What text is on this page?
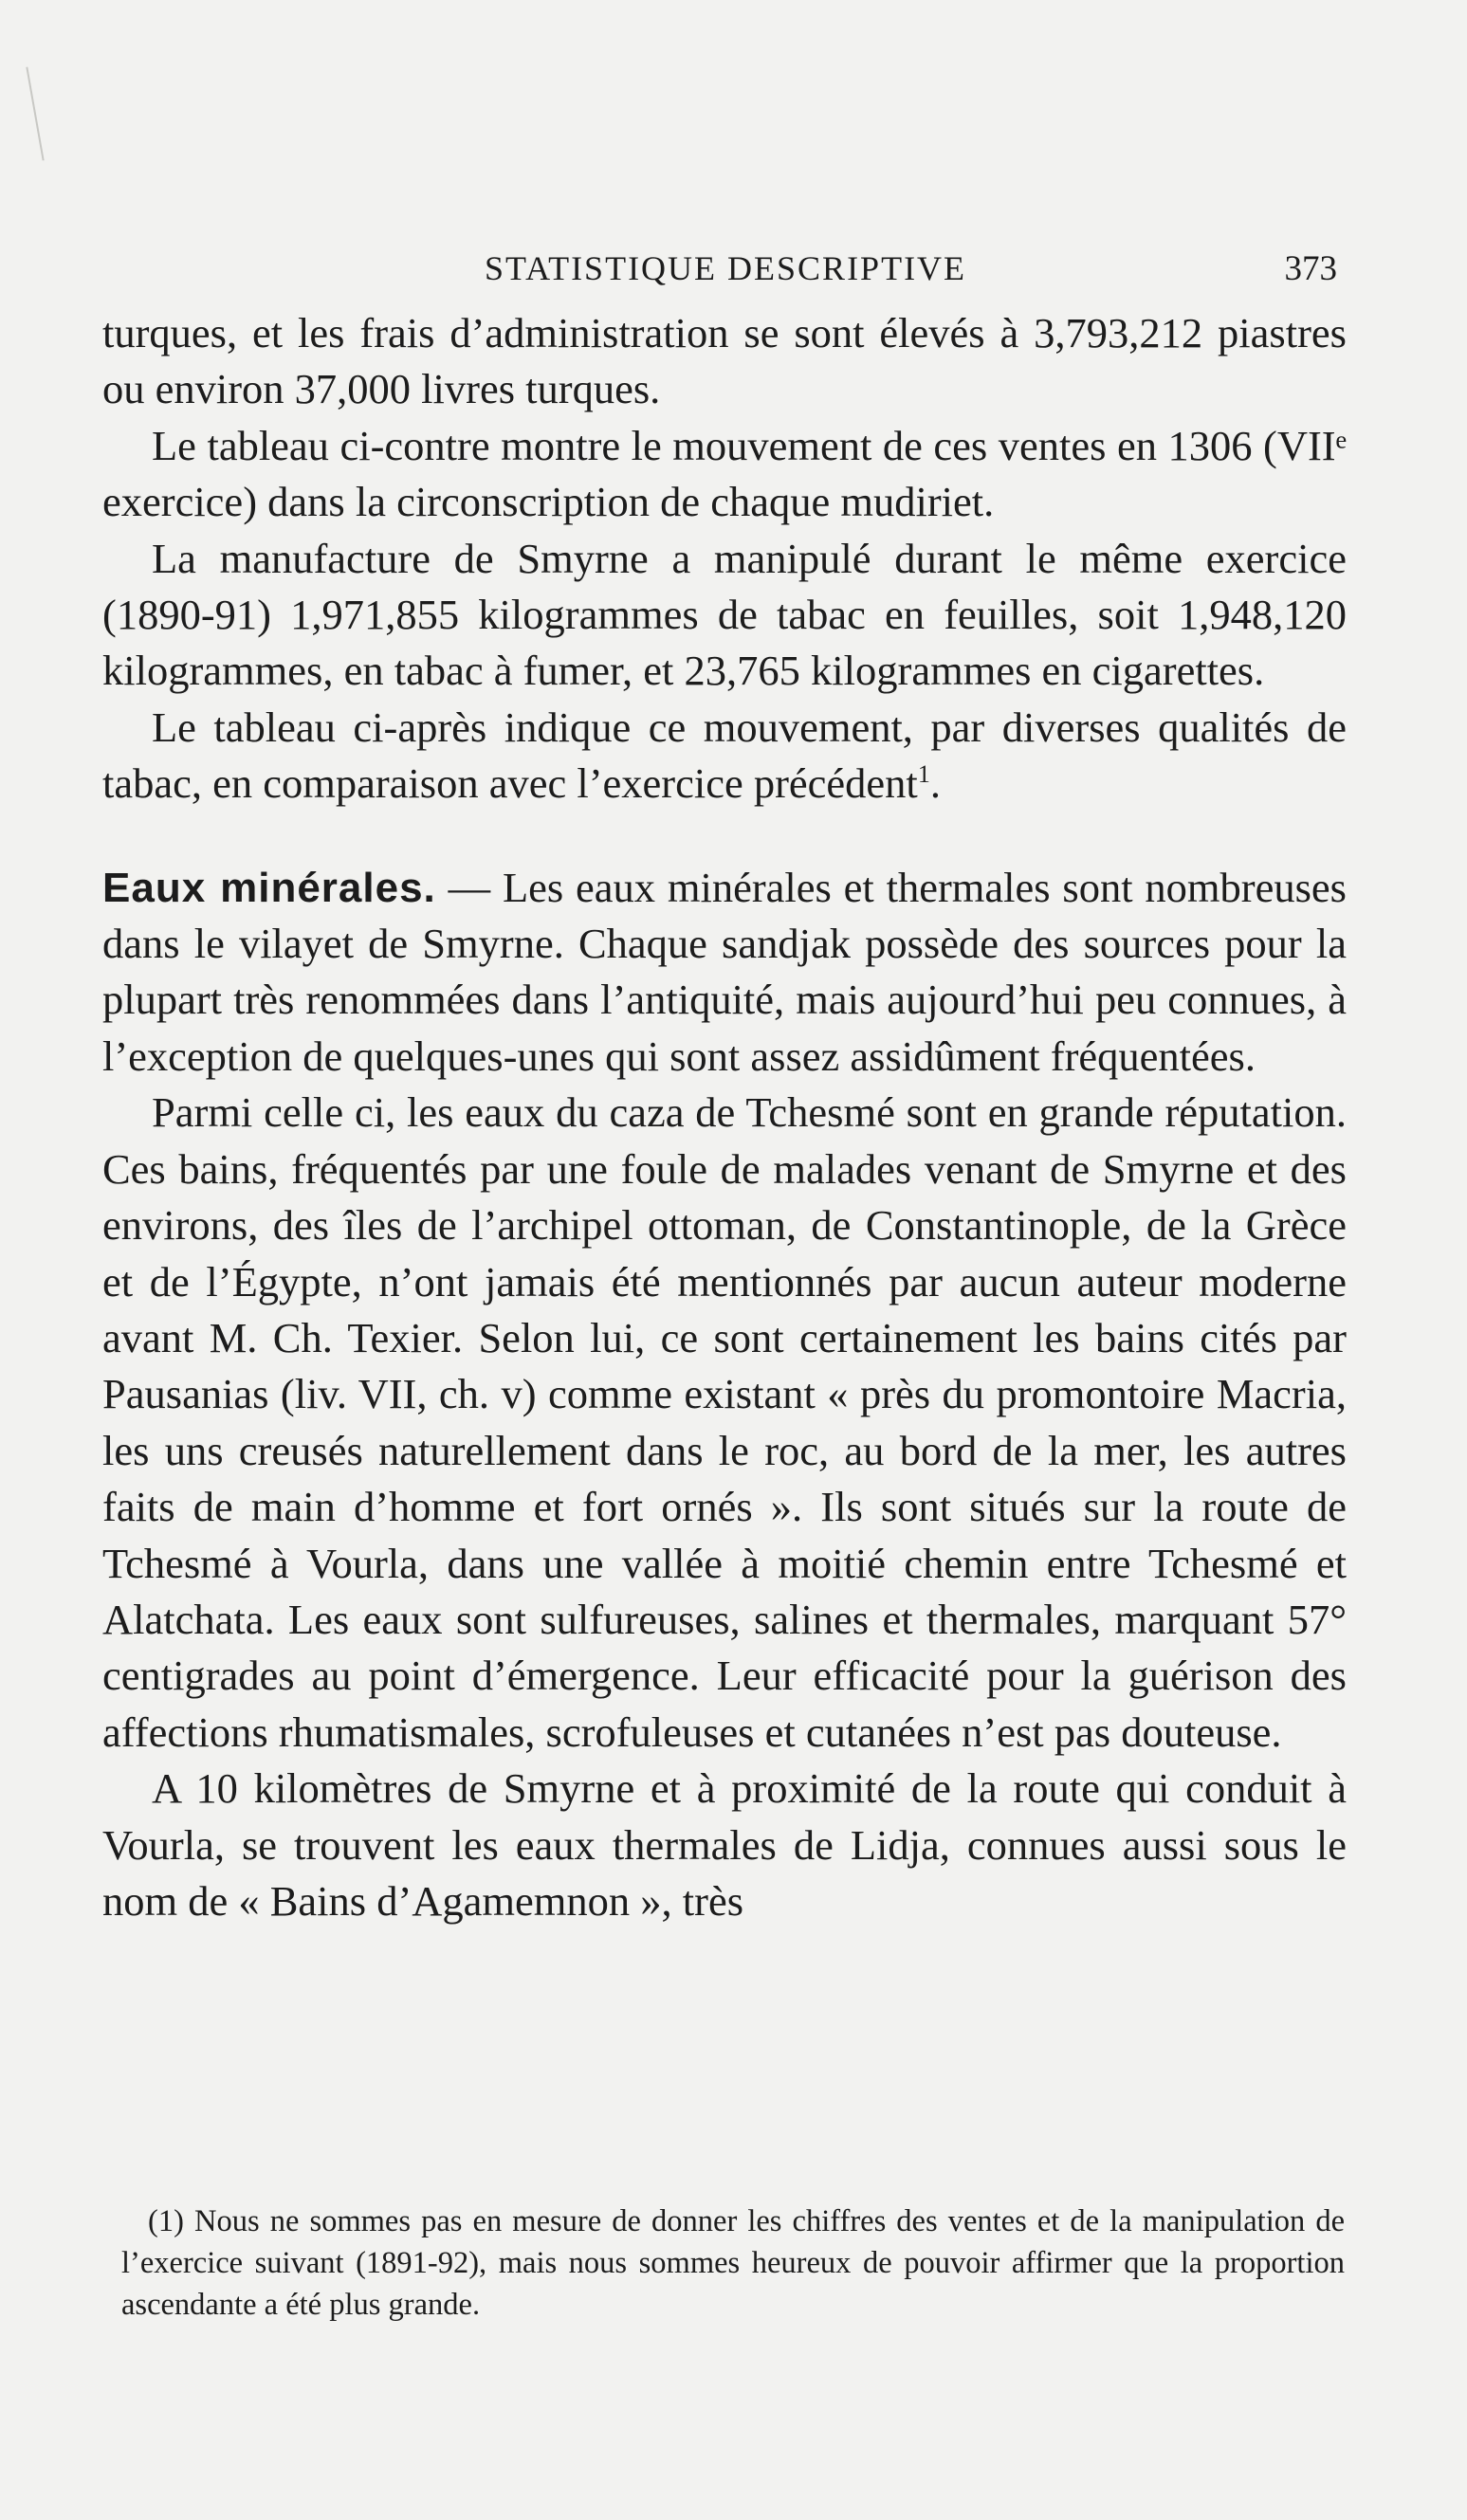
STATISTIQUE DESCRIPTIVE	373

turques, et les frais d’administration se sont élevés à 3,793,212 piastres ou environ 37,000 livres turques.

Le tableau ci-contre montre le mouvement de ces ventes en 1306 (VIIᵉ exercice) dans la circonscription de chaque mudiriet.

La manufacture de Smyrne a manipulé durant le même exercice (1890-91) 1,971,855 kilogrammes de tabac en feuilles, soit 1,948,120 kilogrammes, en tabac à fumer, et 23,765 kilogrammes en cigarettes.

Le tableau ci-après indique ce mouvement, par diverses qualités de tabac, en comparaison avec l’exercice précédent$^1$.

Eaux minérales. — Les eaux minérales et thermales sont nombreuses dans le vilayet de Smyrne. Chaque sandjak possède des sources pour la plupart très renommées dans l’antiquité, mais aujourd’hui peu connues, à l’exception de quelques-unes qui sont assez assidûment fréquentées.

Parmi celle ci, les eaux du caza de Tchesmé sont en grande réputation. Ces bains, fréquentés par une foule de malades venant de Smyrne et des environs, des îles de l’archipel ottoman, de Constantinople, de la Grèce et de l’Égypte, n’ont jamais été mentionnés par aucun auteur moderne avant M. Ch. Texier. Selon lui, ce sont certainement les bains cités par Pausanias (liv. VII, ch. v) comme existant « près du promontoire Macria, les uns creusés naturellement dans le roc, au bord de la mer, les autres faits de main d’homme et fort ornés ». Ils sont situés sur la route de Tchesmé à Vourla, dans une vallée à moitié chemin entre Tchesmé et Alatchata. Les eaux sont sulfureuses, salines et thermales, marquant 57° centigrades au point d’émergence. Leur efficacité pour la guérison des affections rhumatismales, scrofuleuses et cutanées n’est pas douteuse.

A 10 kilomètres de Smyrne et à proximité de la route qui conduit à Vourla, se trouvent les eaux thermales de Lidja, connues aussi sous le nom de « Bains d’Agamemnon », très

(1) Nous ne sommes pas en mesure de donner les chiffres des ventes et de la manipulation de l’exercice suivant (1891-92), mais nous sommes heureux de pouvoir affirmer que la proportion ascendante a été plus grande.
